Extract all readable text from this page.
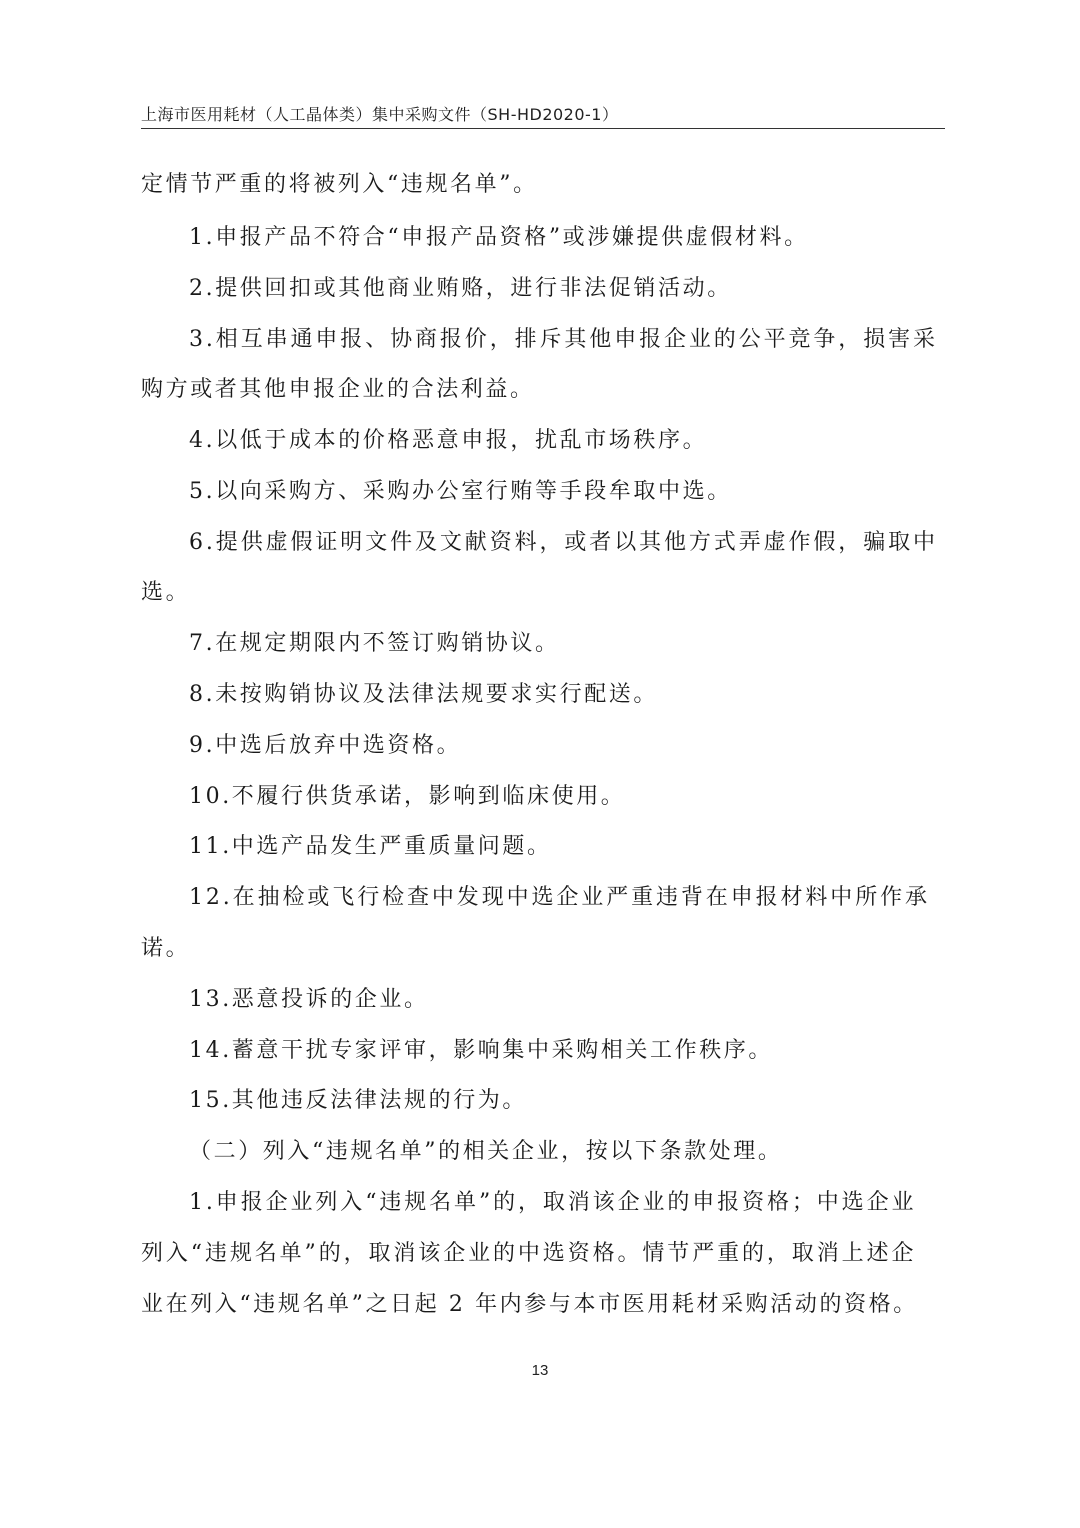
上海市医用耗材（人工晶体类）集中采购文件（SH-HD2020-1）
定情节严重的将被列入“违规名单”。
1.申报产品不符合“申报产品资格”或涉嫌提供虚假材料。
2.提供回扣或其他商业贿赂，进行非法促销活动。
3.相互串通申报、协商报价，排斥其他申报企业的公平竞争，损害采
购方或者其他申报企业的合法利益。
4.以低于成本的价格恶意申报，扰乱市场秩序。
5.以向采购方、采购办公室行贿等手段牟取中选。
6.提供虚假证明文件及文献资料，或者以其他方式弄虚作假，骗取中
选。
7.在规定期限内不签订购销协议。
8.未按购销协议及法律法规要求实行配送。
9.中选后放弃中选资格。
10.不履行供货承诺，影响到临床使用。
11.中选产品发生严重质量问题。
12.在抽检或飞行检查中发现中选企业严重违背在申报材料中所作承
诺。
13.恶意投诉的企业。
14.蓄意干扰专家评审，影响集中采购相关工作秩序。
15.其他违反法律法规的行为。
（二）列入“违规名单”的相关企业，按以下条款处理。
1.申报企业列入“违规名单”的，取消该企业的申报资格；中选企业
列入“违规名单”的，取消该企业的中选资格。情节严重的，取消上述企
业在列入“违规名单”之日起 2 年内参与本市医用耗材采购活动的资格。
13
